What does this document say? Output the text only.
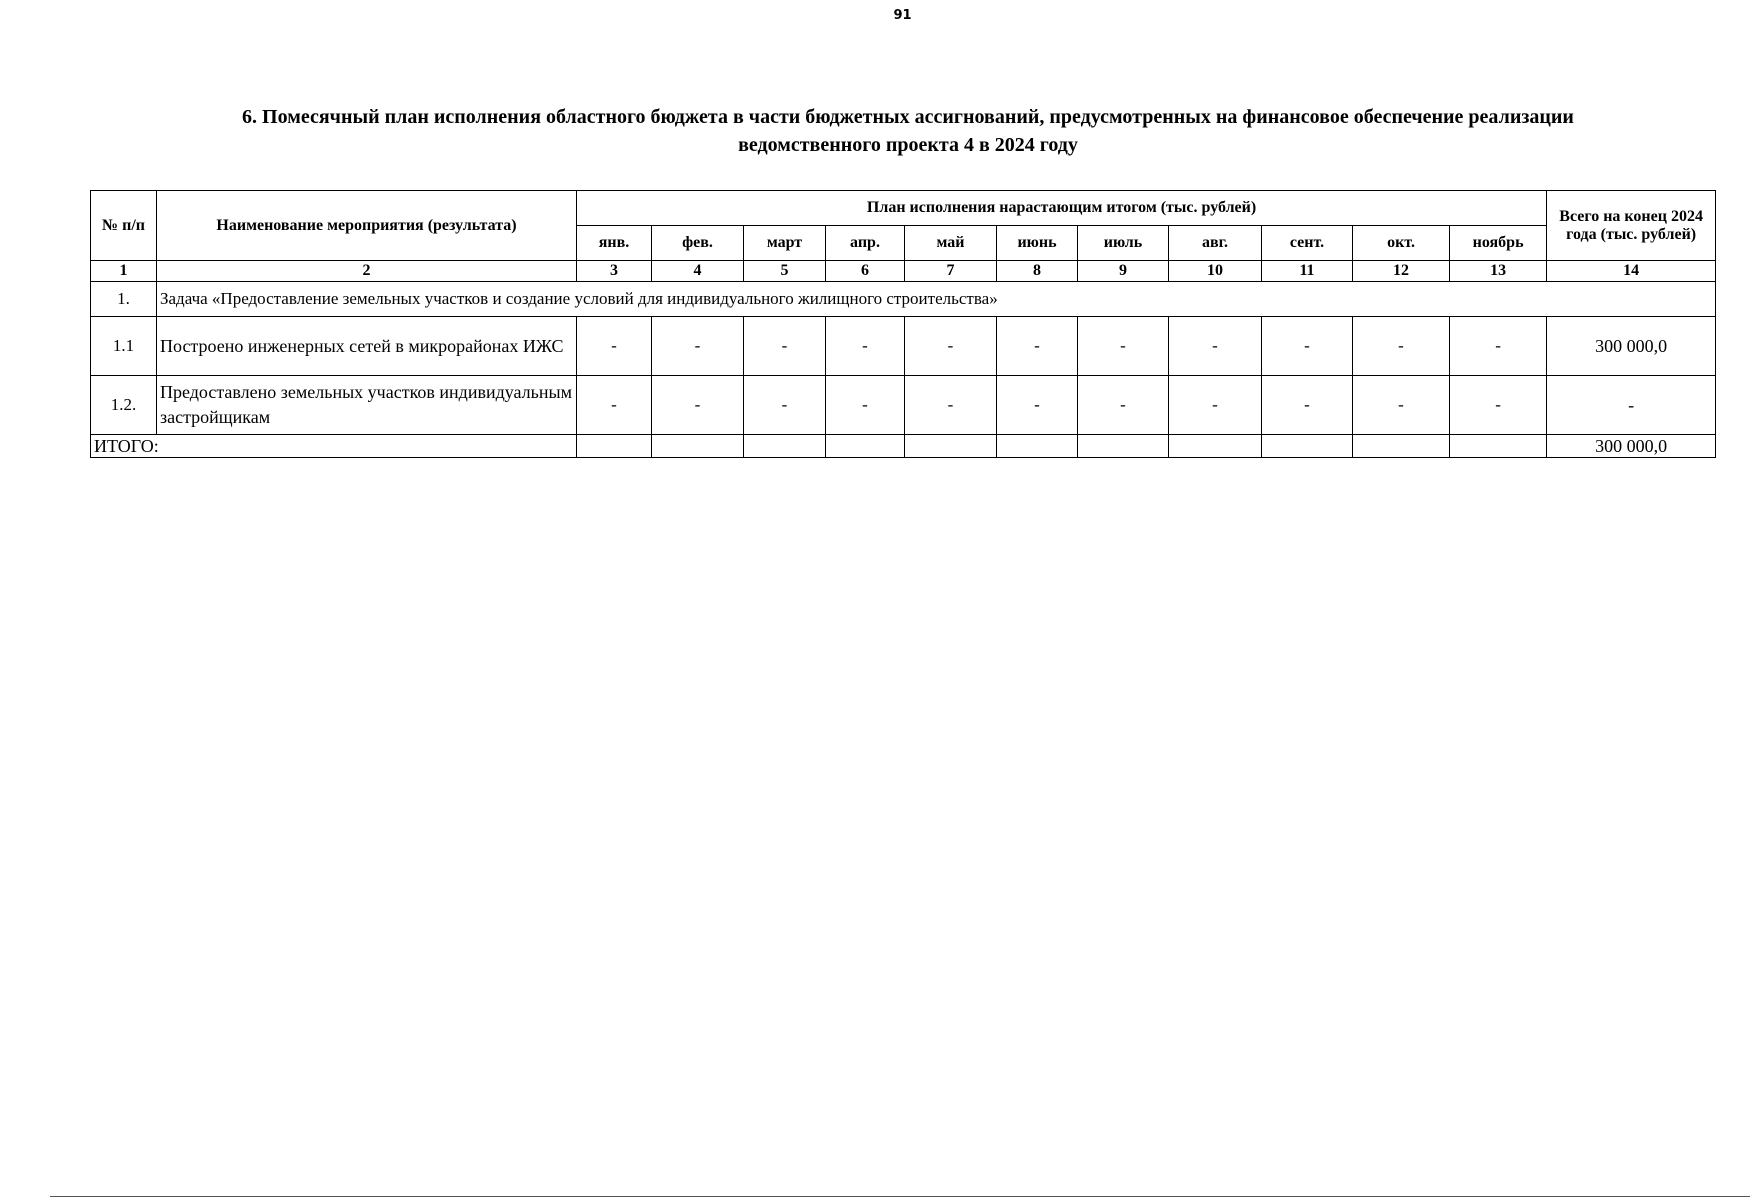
91
6. Помесячный план исполнения областного бюджета в части бюджетных ассигнований, предусмотренных на финансовое обеспечение реализации
ведомственного проекта 4 в 2024 году
№ п/п	Наименование мероприятия (результата)	План исполнения нарастающим итогом (тыс. рублей)											Всего на конец 2024 года (тыс. рублей)
		янв.	фев.	март	апр.	май	июнь	июль	авг.	сент.	окт.	ноябрь	
1	2	3	4	5	6	7	8	9	10	11	12	13	14
1.	Задача «Предоставление земельных участков и создание условий для индивидуального жилищного строительства»												
1.1	Построено инженерных сетей в микрорайонах ИЖС	-	-	-	-	-	-	-	-	-	-	-	300 000,0
1.2.	Предоставлено земельных участков индивидуальным застройщикам	-	-	-	-	-	-	-	-	-	-	-	-
ИТОГО:													300 000,0
